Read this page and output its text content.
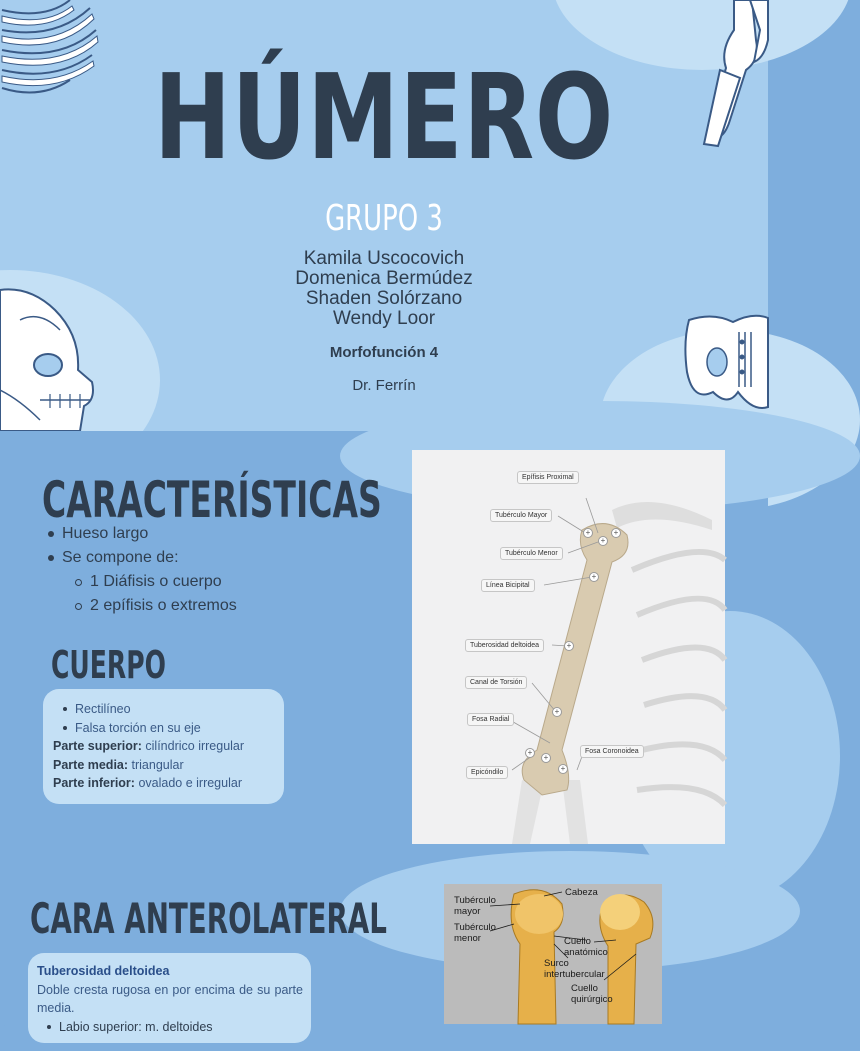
HÚMERO
GRUPO 3
Kamila Uscocovich
Domenica Bermúdez
Shaden Solórzano
Wendy Loor
Morfofunción 4
Dr. Ferrín
CARACTERÍSTICAS
Hueso largo
Se compone de:
1 Diáfisis o cuerpo
2 epífisis o extremos
CUERPO
Rectilíneo
Falsa torción en su eje
Parte superior: cilíndrico irregular
Parte media: triangular
Parte inferior: ovalado e irregular
Epífisis Proximal
Tubérculo Mayor
Tubérculo Menor
Línea Bicipital
Tuberosidad deltoidea
Canal de Torsión
Fosa Radial
Fosa Coronoidea
Epicóndilo
+
+
+
+
+
+
+
+
+
CARA ANTEROLATERAL
Tuberosidad deltoidea
Doble cresta rugosa en por encima de su parte media.
Labio superior: m. deltoides
Cabeza
Tubérculo mayor
Tubérculo menor	Cuello anatómico
Surco intertubercular
Cuello quirúrgico
